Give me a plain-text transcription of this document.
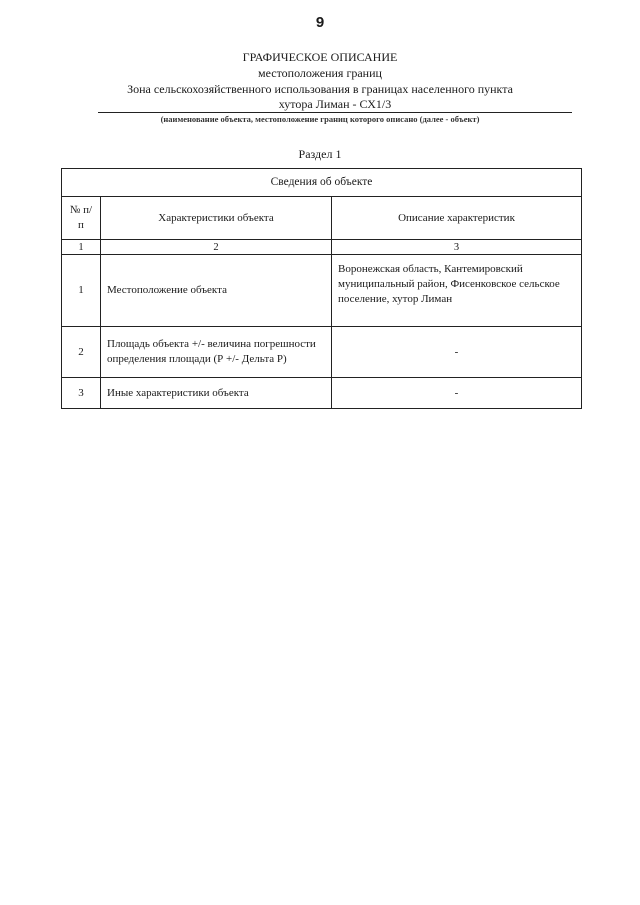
9
ГРАФИЧЕСКОЕ ОПИСАНИЕ
местоположения границ
Зона сельскохозяйственного использования в границах населенного пункта
хутора Лиман - СХ1/3
(наименование объекта, местоположение границ которого описано (далее - объект)
Раздел 1
Сведения об объекте		
№ п/п	Характеристики объекта	Описание характеристик
1	2	3
1	Местоположение объекта	Воронежская область, Кантемировский муниципальный район, Фисенковское сельское поселение, хутор Лиман
2	Площадь объекта +/- величина погрешности определения площади (Р +/- Дельта Р)	-
3	Иные характеристики объекта	-
